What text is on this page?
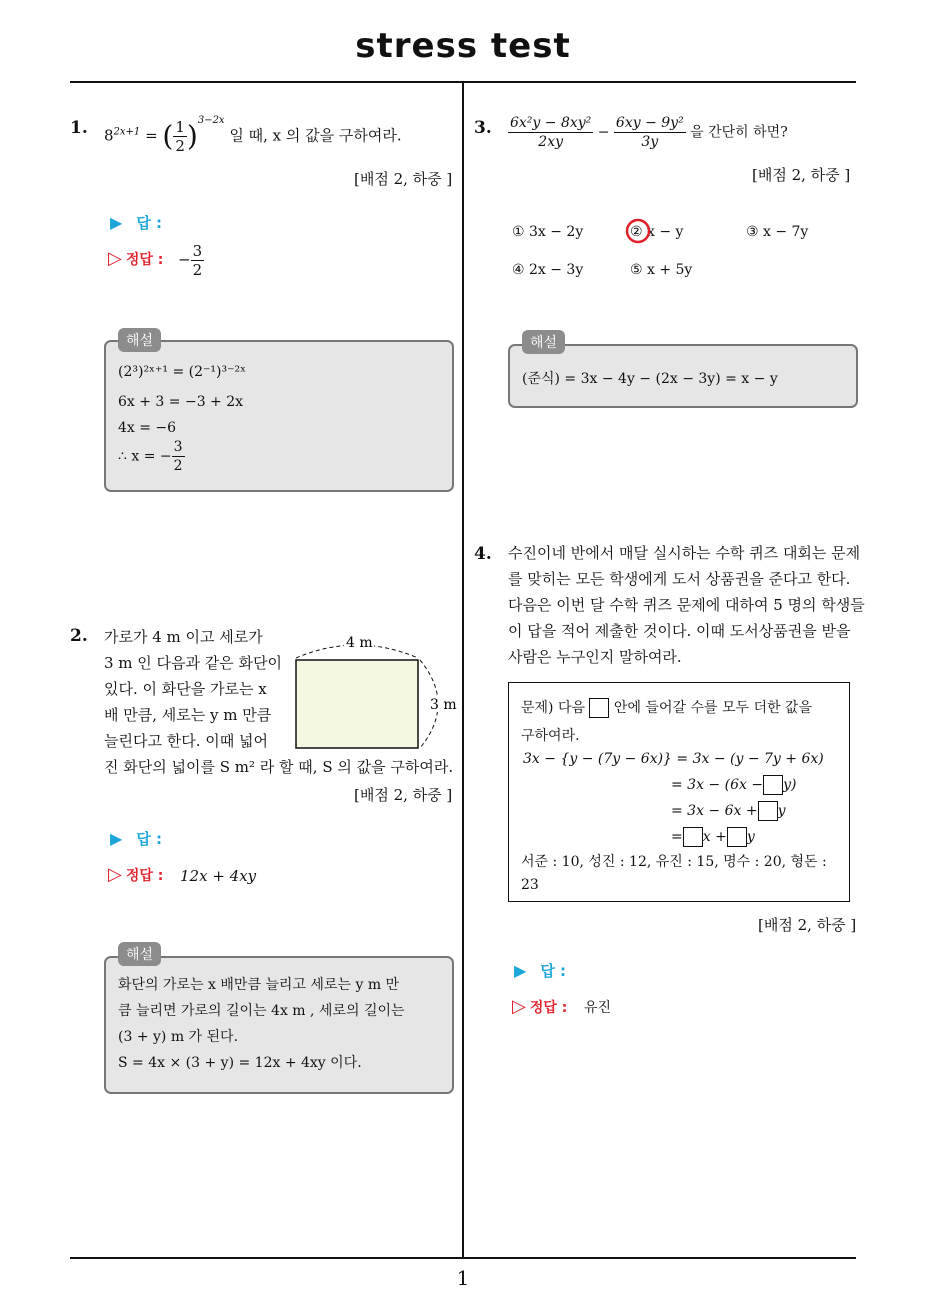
stress test
1
1. $8^{2x+1}$ = ( $\frac{1}{2} )^{3-2x}$ 일 때, x 의 값을 구하여라.
[배점 2, 하중 ]
▶ 답 :
▷ 정답 : − $\frac{3}{2}$
(2³)²ˣ⁺¹ = (2⁻¹)³⁻²ˣ
6x + 3 = −3 + 2x
4x = −6
∴ x = − $\frac{3}{2}$
해설
2. 가로가 4 m 이고 세로가
3 m 인 다음과 같은 화단이
있다. 이 화단을 가로는 x
배 만큼, 세로는 y m 만큼
늘린다고 한다. 이때 넓어
진 화단의 넓이를 S m² 라 할 때, S 의 값을 구하여라.
4 m
3 m
[배점 2, 하중 ]
▶ 답 :
▷ 정답 : 12x + 4xy
화단의 가로는 x 배만큼 늘리고 세로는 y m 만
큼 늘리면 가로의 길이는 4x m , 세로의 길이는
(3 + y) m 가 된다.
S = 4x × (3 + y) = 12x + 4xy 이다.
해설
3. $\frac{\text{6x²y − 8xy²}}{2xy} - \frac{\text{6xy − 9y²}}{3y}$ 을 간단히 하면?
[배점 2, 하중 ]
① 3x − 2y	② x − y	③ x − 7y
④ 2x − 3y	⑤ x + 5y
(준식) = 3x − 4y − (2x − 3y) = x − y
해설
4. 수진이네 반에서 매달 실시하는 수학 퀴즈 대회는 문제
를 맞히는 모든 학생에게 도서 상품권을 준다고 한다.
다음은 이번 달 수학 퀴즈 문제에 대하여 5 명의 학생들
이 답을 적어 제출한 것이다. 이때 도서상품권을 받을
사람은 누구인지 말하여라.
문제) 다음 안에 들어갈 수를 모두 더한 값을
구하여라.
3x − {y − (7y − 6x)} = 3x − (y − 7y + 6x)
= 3x − (6x − y)
= 3x − 6x + y
= x + y
서준 : 10, 성진 : 12, 유진 : 15, 명수 : 20, 형돈 :
23
[배점 2, 하중 ]
▶ 답 :
▷ 정답 : 유진
